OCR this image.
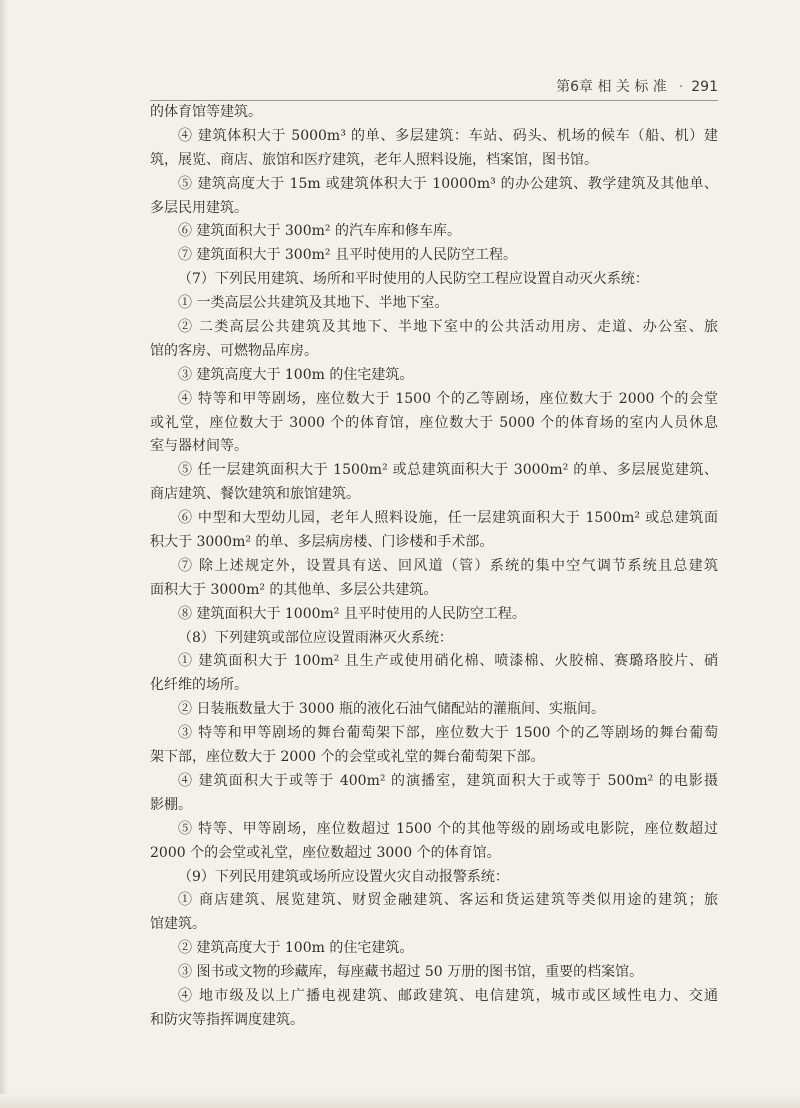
第6章 相 关 标 准 · 291
的体育馆等建筑。
④ 建筑体积大于 5000m³ 的单、多层建筑：车站、码头、机场的候车（船、机）建
筑，展览、商店、旅馆和医疗建筑，老年人照料设施，档案馆，图书馆。
⑤ 建筑高度大于 15m 或建筑体积大于 10000m³ 的办公建筑、教学建筑及其他单、
多层民用建筑。
⑥ 建筑面积大于 300m² 的汽车库和修车库。
⑦ 建筑面积大于 300m² 且平时使用的人民防空工程。
（7）下列民用建筑、场所和平时使用的人民防空工程应设置自动灭火系统：
① 一类高层公共建筑及其地下、半地下室。
② 二类高层公共建筑及其地下、半地下室中的公共活动用房、走道、办公室、旅
馆的客房、可燃物品库房。
③ 建筑高度大于 100m 的住宅建筑。
④ 特等和甲等剧场，座位数大于 1500 个的乙等剧场，座位数大于 2000 个的会堂
或礼堂，座位数大于 3000 个的体育馆，座位数大于 5000 个的体育场的室内人员休息
室与器材间等。
⑤ 任一层建筑面积大于 1500m² 或总建筑面积大于 3000m² 的单、多层展览建筑、
商店建筑、餐饮建筑和旅馆建筑。
⑥ 中型和大型幼儿园，老年人照料设施，任一层建筑面积大于 1500m² 或总建筑面
积大于 3000m² 的单、多层病房楼、门诊楼和手术部。
⑦ 除上述规定外，设置具有送、回风道（管）系统的集中空气调节系统且总建筑
面积大于 3000m² 的其他单、多层公共建筑。
⑧ 建筑面积大于 1000m² 且平时使用的人民防空工程。
（8）下列建筑或部位应设置雨淋灭火系统：
① 建筑面积大于 100m² 且生产或使用硝化棉、喷漆棉、火胶棉、赛璐珞胶片、硝
化纤维的场所。
② 日装瓶数量大于 3000 瓶的液化石油气储配站的灌瓶间、实瓶间。
③ 特等和甲等剧场的舞台葡萄架下部，座位数大于 1500 个的乙等剧场的舞台葡萄
架下部，座位数大于 2000 个的会堂或礼堂的舞台葡萄架下部。
④ 建筑面积大于或等于 400m² 的演播室，建筑面积大于或等于 500m² 的电影摄
影棚。
⑤ 特等、甲等剧场，座位数超过 1500 个的其他等级的剧场或电影院，座位数超过
2000 个的会堂或礼堂，座位数超过 3000 个的体育馆。
（9）下列民用建筑或场所应设置火灾自动报警系统：
① 商店建筑、展览建筑、财贸金融建筑、客运和货运建筑等类似用途的建筑；旅
馆建筑。
② 建筑高度大于 100m 的住宅建筑。
③ 图书或文物的珍藏库，每座藏书超过 50 万册的图书馆，重要的档案馆。
④ 地市级及以上广播电视建筑、邮政建筑、电信建筑，城市或区域性电力、交通
和防灾等指挥调度建筑。
